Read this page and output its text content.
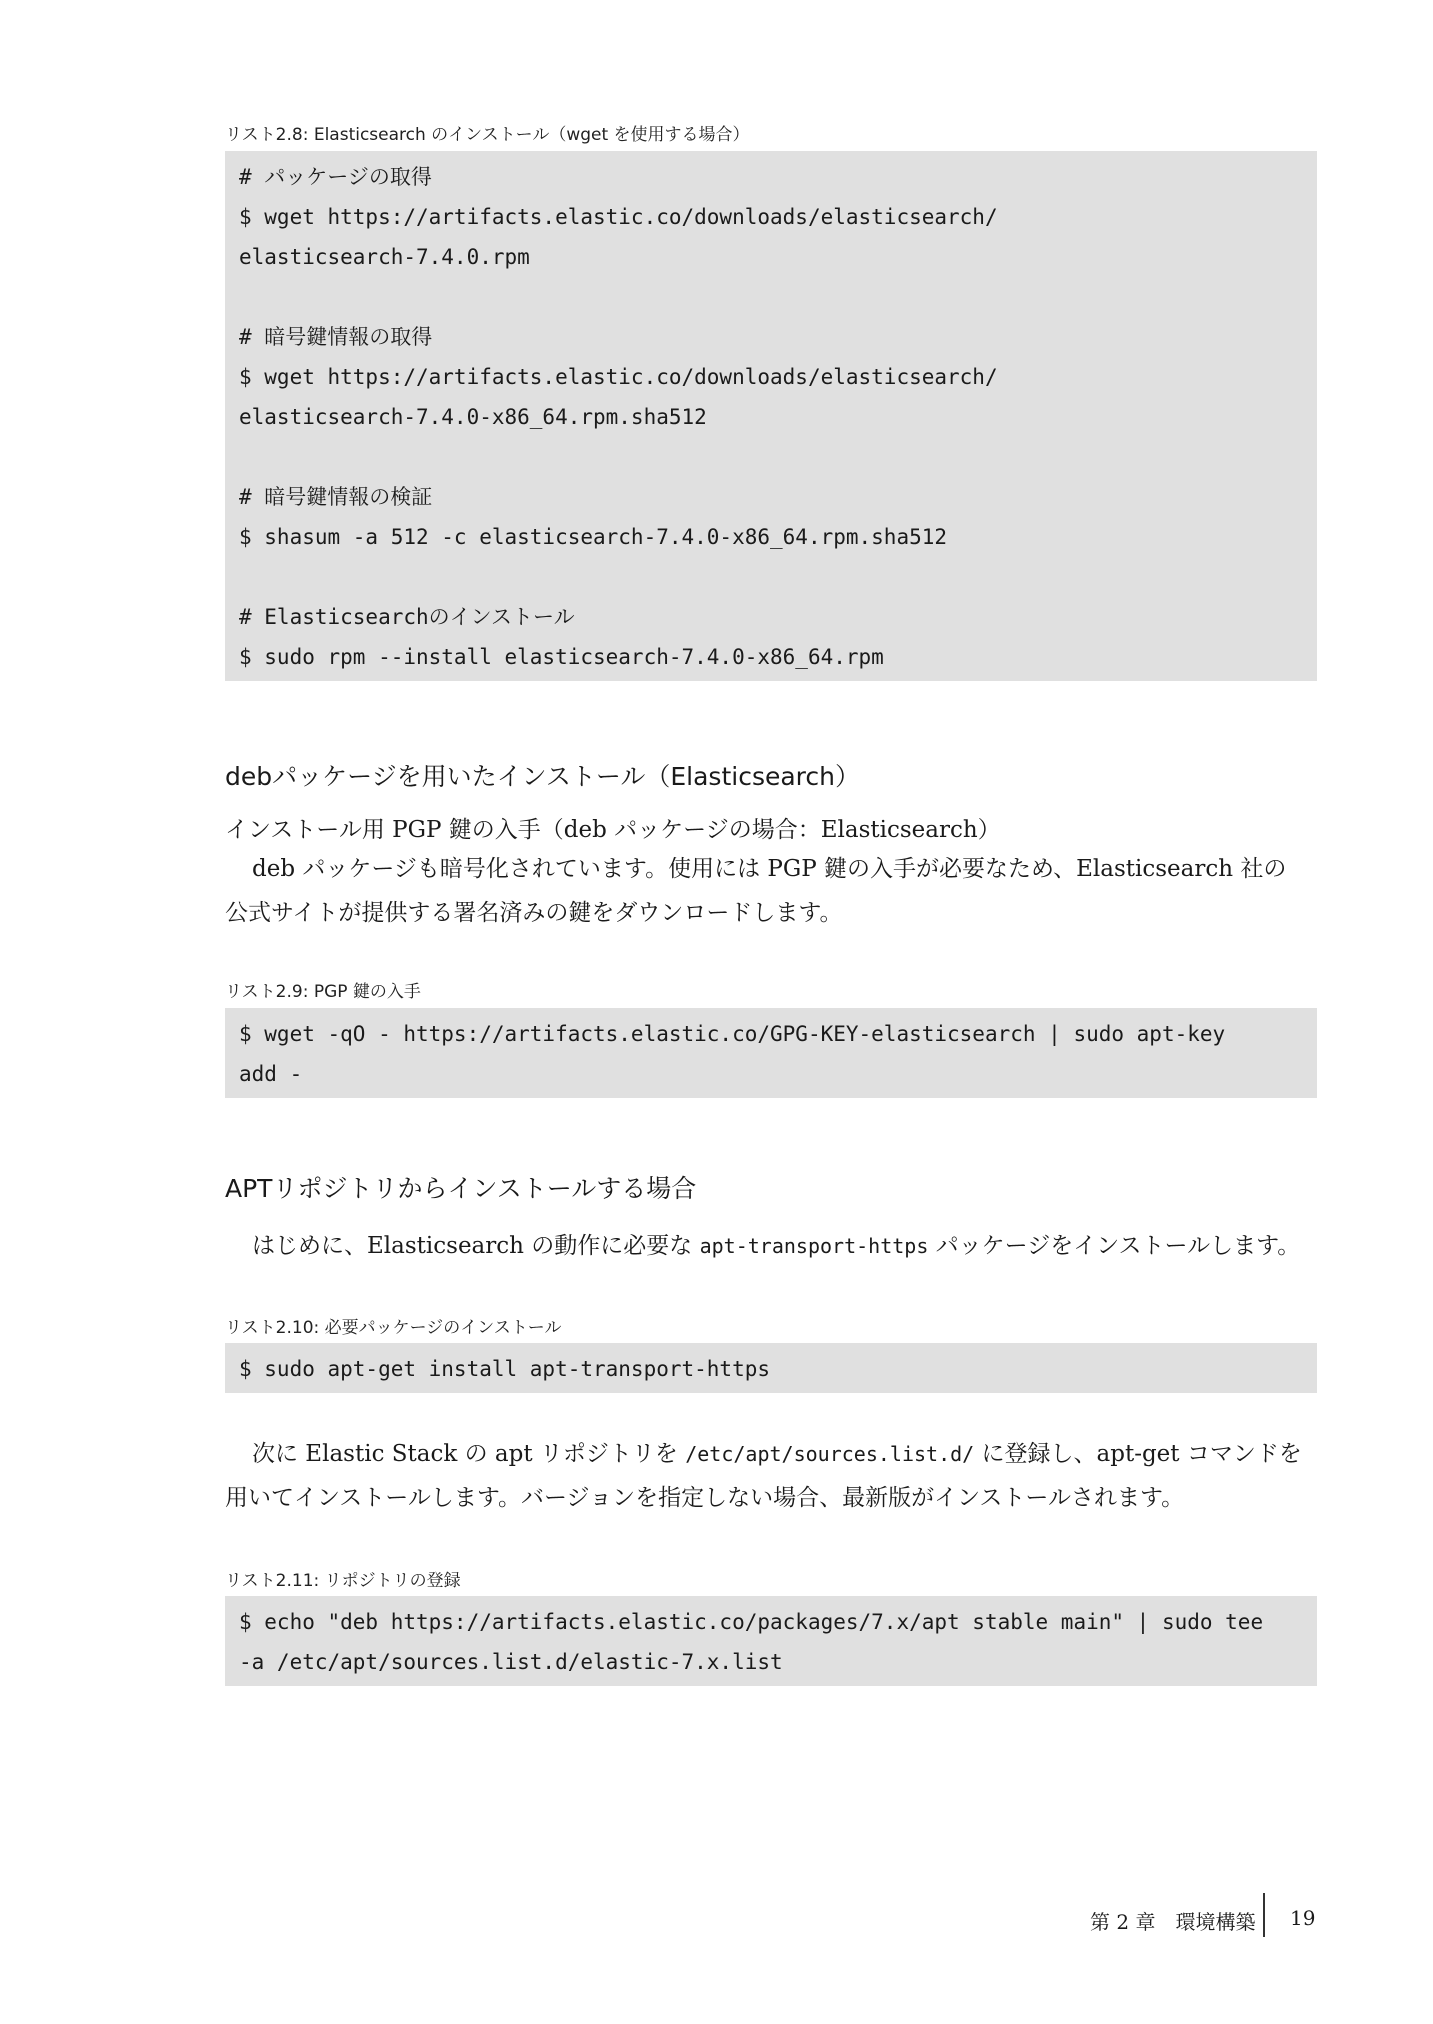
リスト2.8: Elasticsearch のインストール（wget を使用する場合）
# パッケージの取得
$ wget https://artifacts.elastic.co/downloads/elasticsearch/
elasticsearch-7.4.0.rpm
# 暗号鍵情報の取得
$ wget https://artifacts.elastic.co/downloads/elasticsearch/
elasticsearch-7.4.0-x86_64.rpm.sha512
# 暗号鍵情報の検証
$ shasum -a 512 -c elasticsearch-7.4.0-x86_64.rpm.sha512
# Elasticsearchのインストール
$ sudo rpm --install elasticsearch-7.4.0-x86_64.rpm
debパッケージを用いたインストール（Elasticsearch）
インストール用 PGP 鍵の入手（deb パッケージの場合：Elasticsearch）
deb パッケージも暗号化されています。使用には PGP 鍵の入手が必要なため、Elasticsearch 社の
公式サイトが提供する署名済みの鍵をダウンロードします。
リスト2.9: PGP 鍵の入手
$ wget -qO - https://artifacts.elastic.co/GPG-KEY-elasticsearch | sudo apt-key
add -
APTリポジトリからインストールする場合
はじめに、Elasticsearch の動作に必要な apt-transport-https パッケージをインストールします。
リスト2.10: 必要パッケージのインストール
$ sudo apt-get install apt-transport-https
次に Elastic Stack の apt リポジトリを /etc/apt/sources.list.d/ に登録し、apt-get コマンドを
用いてインストールします。バージョンを指定しない場合、最新版がインストールされます。
リスト2.11: リポジトリの登録
$ echo "deb https://artifacts.elastic.co/packages/7.x/apt stable main" | sudo tee
-a /etc/apt/sources.list.d/elastic-7.x.list
第 2 章　環境構築 19
